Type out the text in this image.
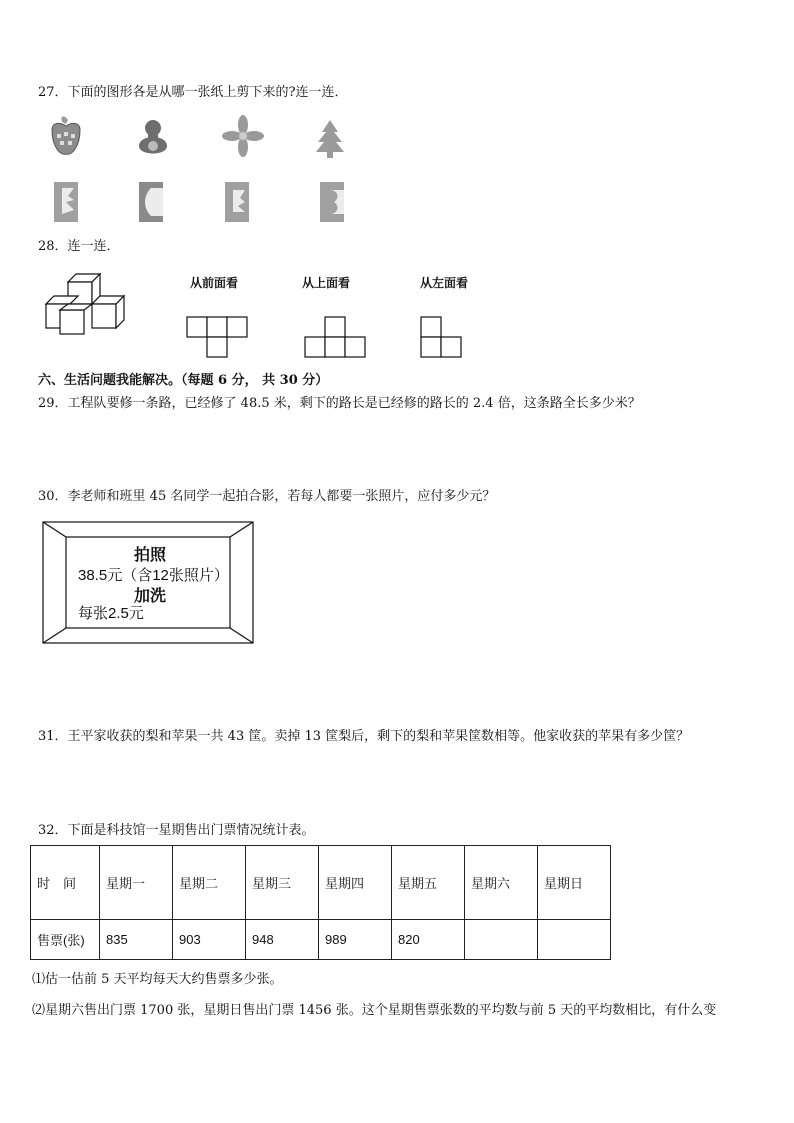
27．下面的图形各是从哪一张纸上剪下来的?连一连．
28．连一连．
从前面看	从上面看	从左面看
六、生活问题我能解决。（每题 6 分， 共 30 分）
29．工程队要修一条路，已经修了 48.5 米，剩下的路长是已经修的路长的 2.4 倍，这条路全长多少米？
30．李老师和班里 45 名同学一起拍合影，若每人都要一张照片，应付多少元？
拍照
38.5元（含12张照片）
加洗
每张2.5元
31．王平家收获的梨和苹果一共 43 筐。卖掉 13 筐梨后，剩下的梨和苹果筐数相等。他家收获的苹果有多少筐？
32．下面是科技馆一星期售出门票情况统计表。
时　间	星期一	星期二	星期三	星期四	星期五	星期六	星期日
售票(张)	835	903	948	989	820		
⑴估一估前 5 天平均每天大约售票多少张。
⑵星期六售出门票 1700 张，星期日售出门票 1456 张。这个星期售票张数的平均数与前 5 天的平均数相比，有什么变
